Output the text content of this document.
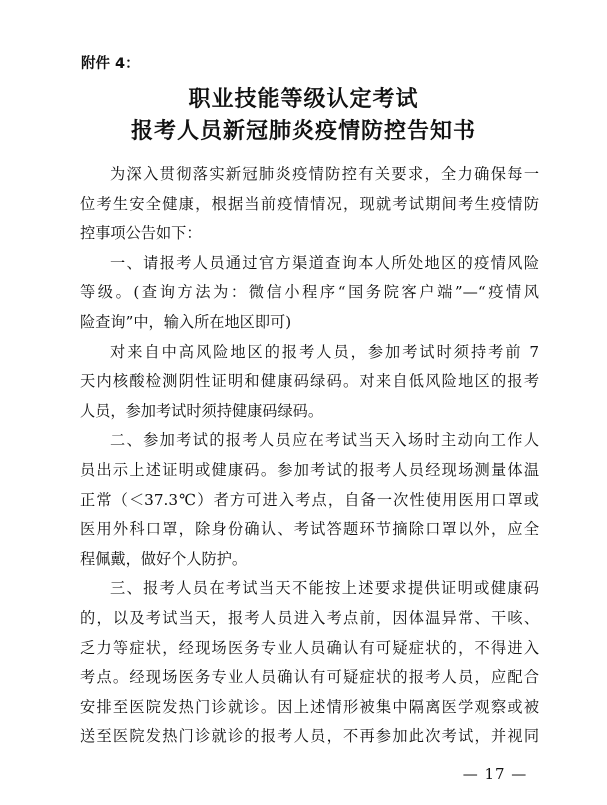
附件 4：
职业技能等级认定考试
报考人员新冠肺炎疫情防控告知书
为深入贯彻落实新冠肺炎疫情防控有关要求，全力确保每一
位考生安全健康，根据当前疫情情况，现就考试期间考生疫情防
控事项公告如下：
一、请报考人员通过官方渠道查询本人所处地区的疫情风险
等级。(查询方法为：微信小程序“国务院客户端”—“疫情风
险查询”中，输入所在地区即可)
对来自中高风险地区的报考人员，参加考试时须持考前 7
天内核酸检测阴性证明和健康码绿码。对来自低风险地区的报考
人员，参加考试时须持健康码绿码。
二、参加考试的报考人员应在考试当天入场时主动向工作人
员出示上述证明或健康码。参加考试的报考人员经现场测量体温
正常（＜37.3℃）者方可进入考点，自备一次性使用医用口罩或
医用外科口罩，除身份确认、考试答题环节摘除口罩以外，应全
程佩戴，做好个人防护。
三、报考人员在考试当天不能按上述要求提供证明或健康码
的，以及考试当天，报考人员进入考点前，因体温异常、干咳、
乏力等症状，经现场医务专业人员确认有可疑症状的，不得进入
考点。经现场医务专业人员确认有可疑症状的报考人员，应配合
安排至医院发热门诊就诊。因上述情形被集中隔离医学观察或被
送至医院发热门诊就诊的报考人员，不再参加此次考试，并视同
— 17 —
